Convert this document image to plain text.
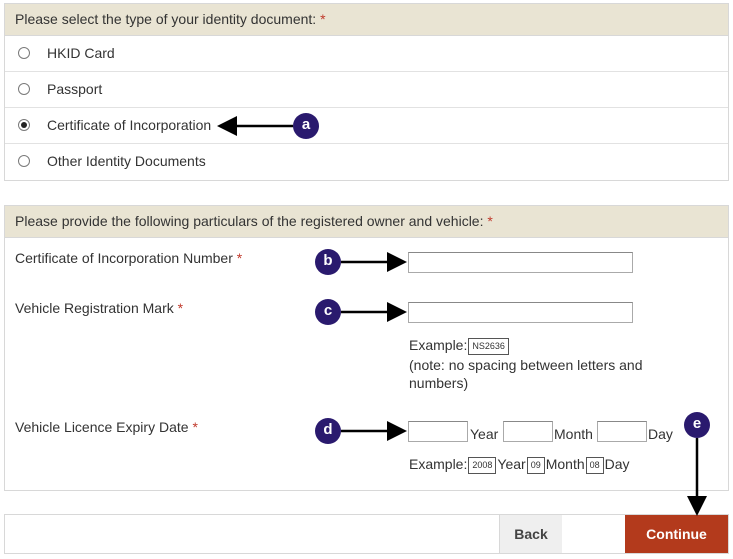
Please select the type of your identity document: *
HKID Card
Passport
Certificate of Incorporation
Other Identity Documents
Please provide the following particulars of the registered owner and vehicle: *
Certificate of Incorporation Number *
Vehicle Registration Mark *
Example: NS2636
(note: no spacing between letters and
numbers)
Vehicle Licence Expiry Date *	Year	Month	Day
Example: 2008 Year 09 Month 08 Day
Back	Continue
a
b
c
d	e
